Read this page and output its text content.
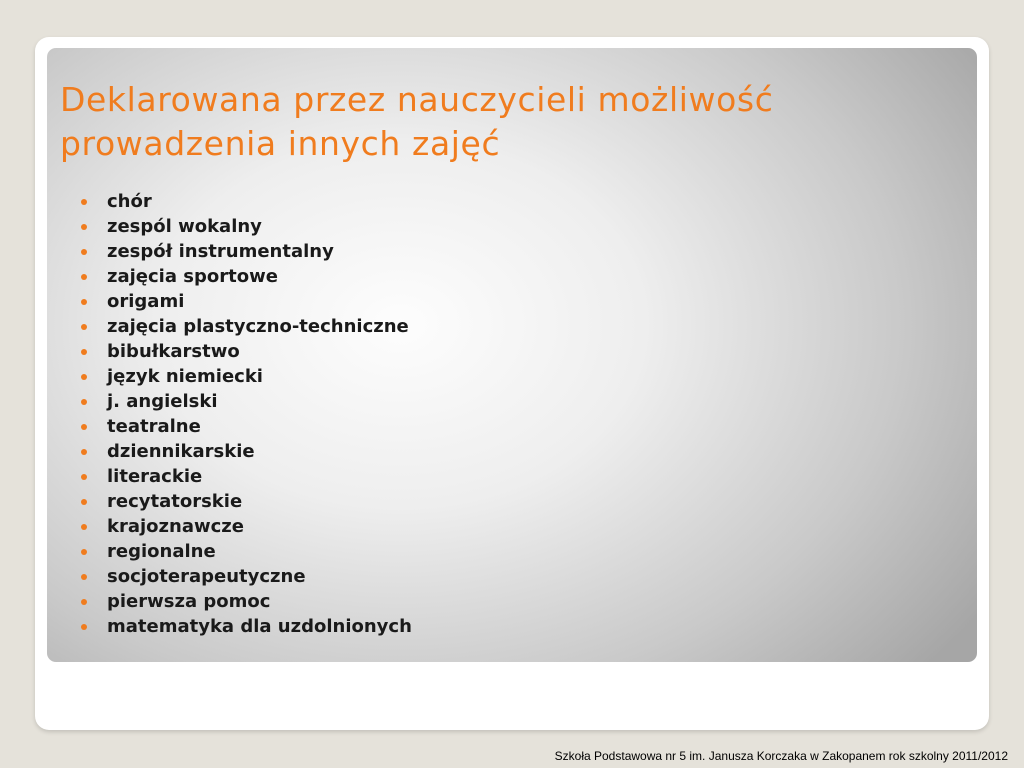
Deklarowana przez nauczycieli możliwość prowadzenia innych zajęć
chór
zespól wokalny
zespół instrumentalny
zajęcia sportowe
origami
zajęcia plastyczno-techniczne
bibułkarstwo
język niemiecki
j. angielski
teatralne
dziennikarskie
literackie
recytatorskie
krajoznawcze
regionalne
socjoterapeutyczne
pierwsza pomoc
matematyka dla uzdolnionych
Szkoła Podstawowa nr 5 im. Janusza Korczaka w Zakopanem rok szkolny 2011/2012
